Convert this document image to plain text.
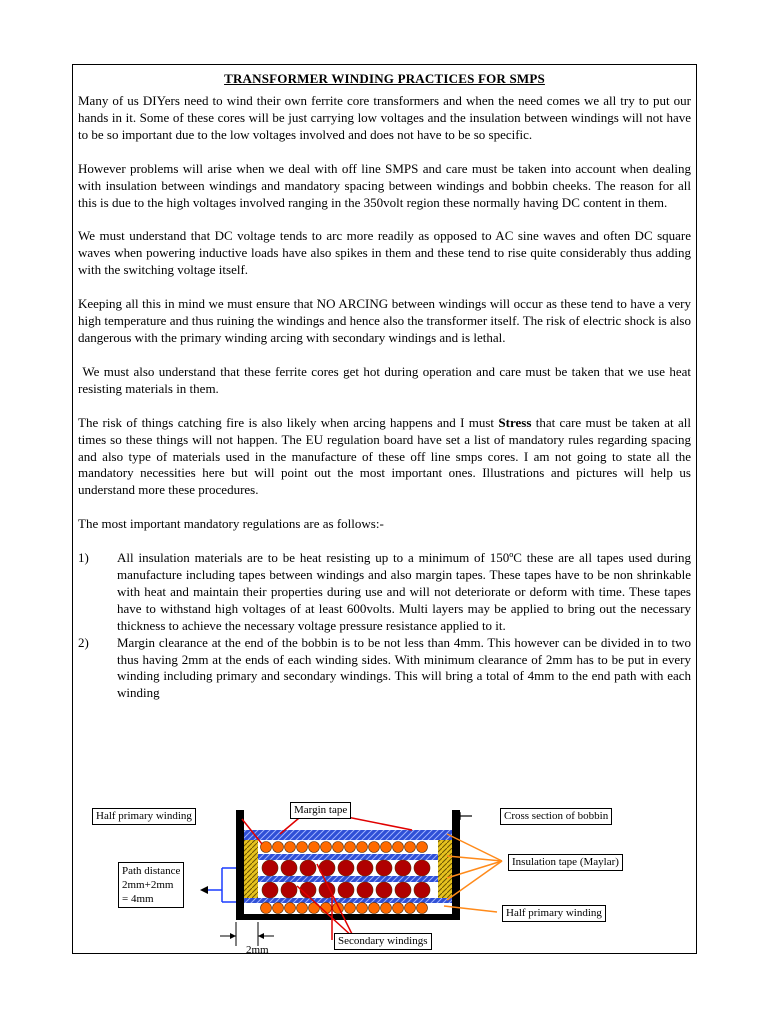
TRANSFORMER WINDING PRACTICES FOR SMPS

Many of us DIYers need to wind their own ferrite core transformers and when the need comes we all try to put our hands in it. Some of these cores will be just carrying low voltages and the insulation between windings will not have to be so important due to the low voltages involved and does not have to be so specific.

However problems will arise when we deal with off line SMPS and care must be taken into account when dealing with insulation between windings and mandatory spacing between windings and bobbin cheeks. The reason for all this is due to the high voltages involved ranging in the 350volt region these normally having DC content in them.

We must understand that DC voltage tends to arc more readily as opposed to AC sine waves and often DC square waves when powering inductive loads have also spikes in them and these tend to rise quite considerably thus adding with the switching voltage itself.

Keeping all this in mind we must ensure that NO ARCING between windings will occur as these tend to have a very high temperature and thus ruining the windings and hence also the transformer itself. The risk of electric shock is also dangerous with the primary winding arcing with secondary windings and is lethal.

We must also understand that these ferrite cores get hot during operation and care must be taken that we use heat resisting materials in them.

The risk of things catching fire is also likely when arcing happens and I must Stress that care must be taken at all times so these things will not happen. The EU regulation board have set a list of mandatory rules regarding spacing and also type of materials used in the manufacture of these off line smps cores. I am not going to state all the mandatory necessities here but will point out the most important ones. Illustrations and pictures will help us understand more these procedures.

The most important mandatory regulations are as follows:-

1) All insulation materials are to be heat resisting up to a minimum of 150ºC these are all tapes used during manufacture including tapes between windings and also margin tapes. These tapes have to be non shrinkable with heat and maintain their properties during use and will not deteriorate or deform with time. These tapes have to withstand high voltages of at least 600volts. Multi layers may be applied to bring out the necessary thickness to achieve the necessary voltage pressure resistance applied to it.
2) Margin clearance at the end of the bobbin is to be not less than 4mm. This however can be divided in to two thus having 2mm at the ends of each winding sides. With minimum clearance of 2mm has to be put in every winding including primary and secondary windings. This will bring a total of 4mm to the end path with each winding
Half primary winding	Margin tape	Cross section of bobbin
Path distance
2mm+2mm
= 4mm
Insulation tape (Maylar)
Half primary winding
Secondary windings
2mm
